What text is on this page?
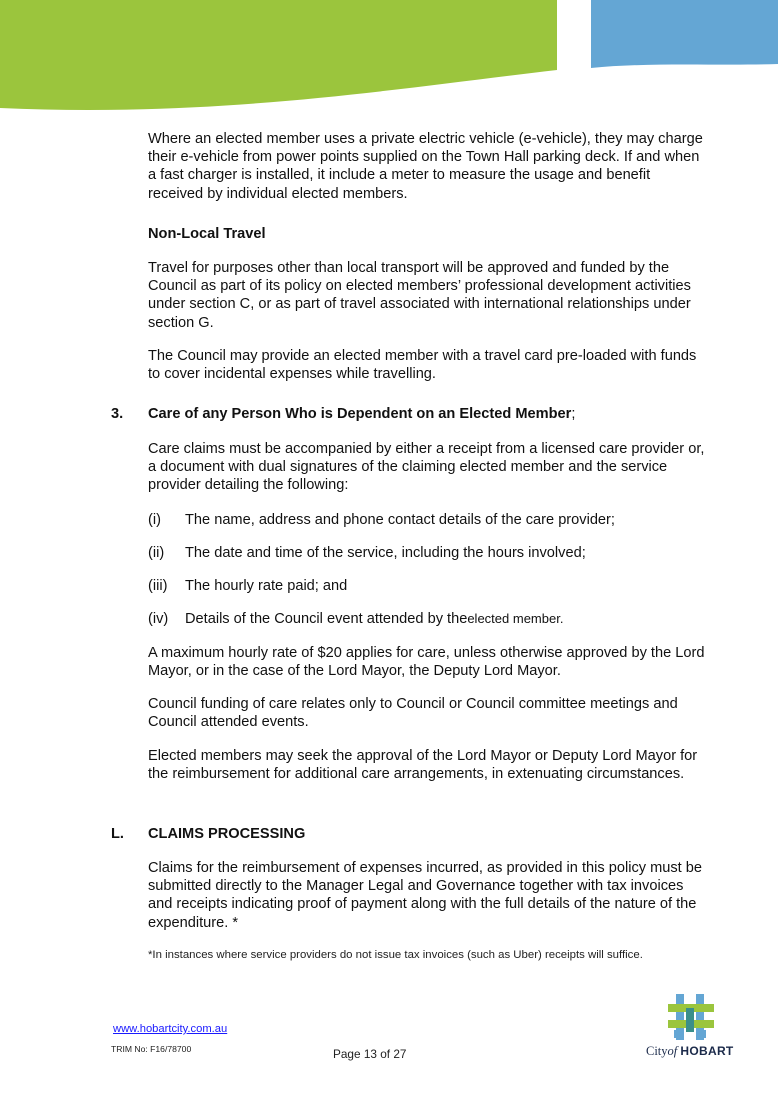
Where an elected member uses a private electric vehicle (e-vehicle), they may charge their e-vehicle from power points supplied on the Town Hall parking deck. If and when a fast charger is installed, it include a meter to measure the usage and benefit received by individual elected members.

Non-Local Travel

Travel for purposes other than local transport will be approved and funded by the Council as part of its policy on elected members’ professional development activities under section C, or as part of travel associated with international relationships under section G.

The Council may provide an elected member with a travel card pre-loaded with funds to cover incidental expenses while travelling.

3. Care of any Person Who is Dependent on an Elected Member;

Care claims must be accompanied by either a receipt from a licensed care provider or, a document with dual signatures of the claiming elected member and the service provider detailing the following:

(i) The name, address and phone contact details of the care provider;

(ii) The date and time of the service, including the hours involved;

(iii) The hourly rate paid; and

(iv) Details of the Council event attended by theelected member.

A maximum hourly rate of $20 applies for care, unless otherwise approved by the Lord Mayor, or in the case of the Lord Mayor, the Deputy Lord Mayor.

Council funding of care relates only to Council or Council committee meetings and Council attended events.

Elected members may seek the approval of the Lord Mayor or Deputy Lord Mayor for the reimbursement for additional care arrangements, in extenuating circumstances.

L. CLAIMS PROCESSING

Claims for the reimbursement of expenses incurred, as provided in this policy must be submitted directly to the Manager Legal and Governance together with tax invoices and receipts indicating proof of payment along with the full details of the nature of the expenditure. *

*In instances where service providers do not issue tax invoices (such as Uber) receipts will suffice.

www.hobartcity.com.au
TRIM No: F16/78700	Page 13 of 27	Cityof HOBART
